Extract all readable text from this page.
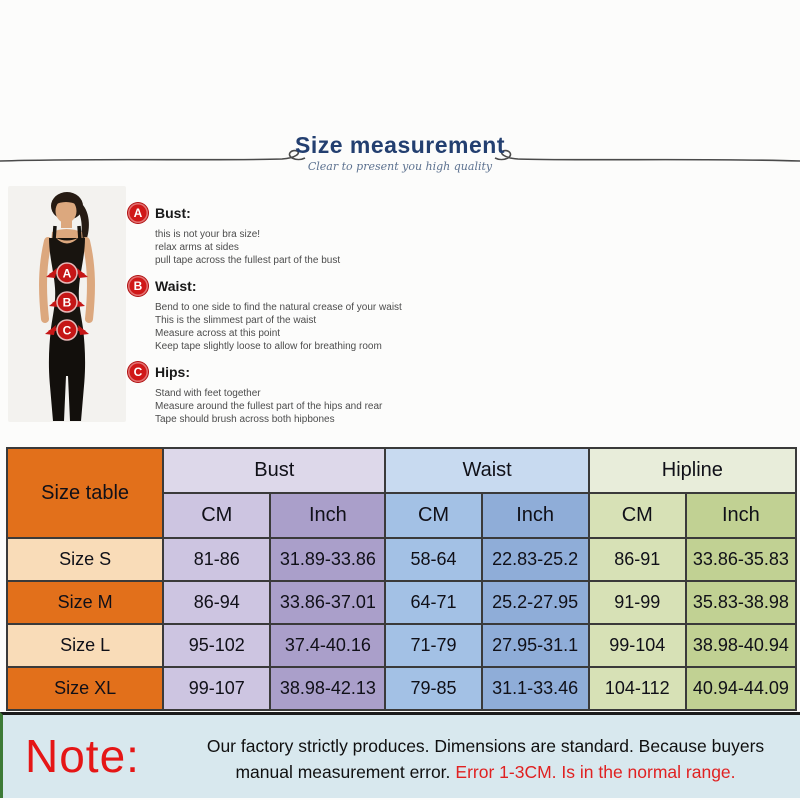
Size measurement
Clear to present you high quality
A
B
C
A Bust:
this is not your bra size!
relax arms at sides
pull tape across the fullest part of the bust
B Waist:
Bend to one side to find the natural crease of your waist
This is the slimmest part of the waist
Measure across at this point
Keep tape slightly loose to allow for breathing room
C Hips:
Stand with feet together
Measure around the fullest part of the hips and rear
Tape should brush across both hipbones
Size table	Bust		Waist		Hipline	
	CM	Inch	CM	Inch	CM	Inch
Size S	81-86	31.89-33.86	58-64	22.83-25.2	86-91	33.86-35.83
Size M	86-94	33.86-37.01	64-71	25.2-27.95	91-99	35.83-38.98
Size L	95-102	37.4-40.16	71-79	27.95-31.1	99-104	38.98-40.94
Size XL	99-107	38.98-42.13	79-85	31.1-33.46	104-112	40.94-44.09
Note:	Our factory strictly produces. Dimensions are standard. Because buyers
manual measurement error. Error 1-3CM. Is in the normal range.
